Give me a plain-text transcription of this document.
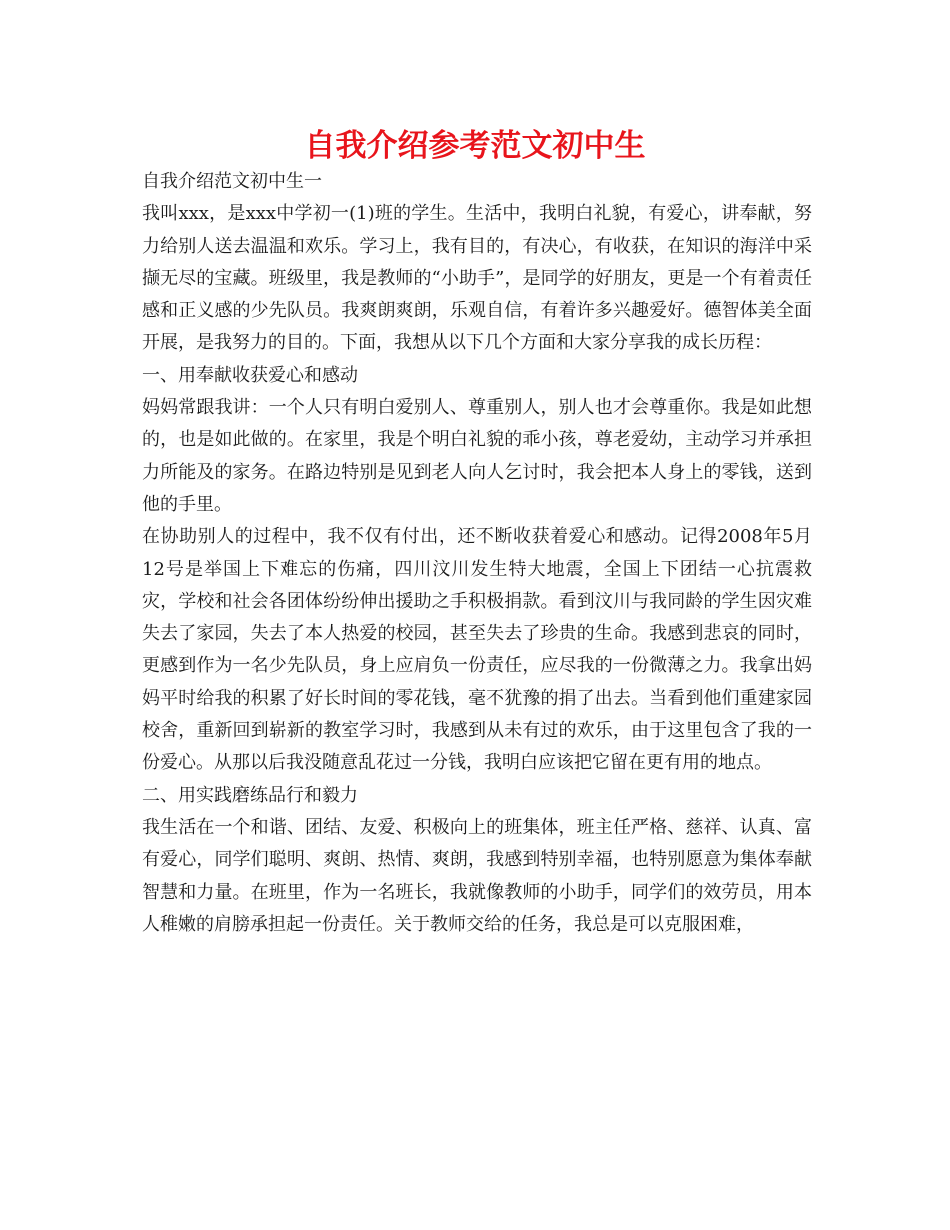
自我介绍参考范文初中生

自我介绍范文初中生一

我叫xxx，是xxx中学初一(1)班的学生。生活中，我明白礼貌，有爱心，讲奉献，努力给别人送去温温和欢乐。学习上，我有目的，有决心，有收获，在知识的海洋中采撷无尽的宝藏。班级里，我是教师的“小助手”，是同学的好朋友，更是一个有着责任感和正义感的少先队员。我爽朗爽朗，乐观自信，有着许多兴趣爱好。德智体美全面开展，是我努力的目的。下面，我想从以下几个方面和大家分享我的成长历程：

一、用奉献收获爱心和感动

妈妈常跟我讲：一个人只有明白爱别人、尊重别人，别人也才会尊重你。我是如此想的，也是如此做的。在家里，我是个明白礼貌的乖小孩，尊老爱幼，主动学习并承担力所能及的家务。在路边特别是见到老人向人乞讨时，我会把本人身上的零钱，送到他的手里。

在协助别人的过程中，我不仅有付出，还不断收获着爱心和感动。记得2008年5月12号是举国上下难忘的伤痛，四川汶川发生特大地震，全国上下团结一心抗震救灾，学校和社会各团体纷纷伸出援助之手积极捐款。看到汶川与我同龄的学生因灾难失去了家园，失去了本人热爱的校园，甚至失去了珍贵的生命。我感到悲哀的同时，更感到作为一名少先队员，身上应肩负一份责任，应尽我的一份微薄之力。我拿出妈妈平时给我的积累了好长时间的零花钱，毫不犹豫的捐了出去。当看到他们重建家园校舍，重新回到崭新的教室学习时，我感到从未有过的欢乐，由于这里包含了我的一份爱心。从那以后我没随意乱花过一分钱，我明白应该把它留在更有用的地点。

二、用实践磨练品行和毅力

我生活在一个和谐、团结、友爱、积极向上的班集体，班主任严格、慈祥、认真、富有爱心，同学们聪明、爽朗、热情、爽朗，我感到特别幸福，也特别愿意为集体奉献智慧和力量。在班里，作为一名班长，我就像教师的小助手，同学们的效劳员，用本人稚嫩的肩膀承担起一份责任。关于教师交给的任务，我总是可以克服困难，
